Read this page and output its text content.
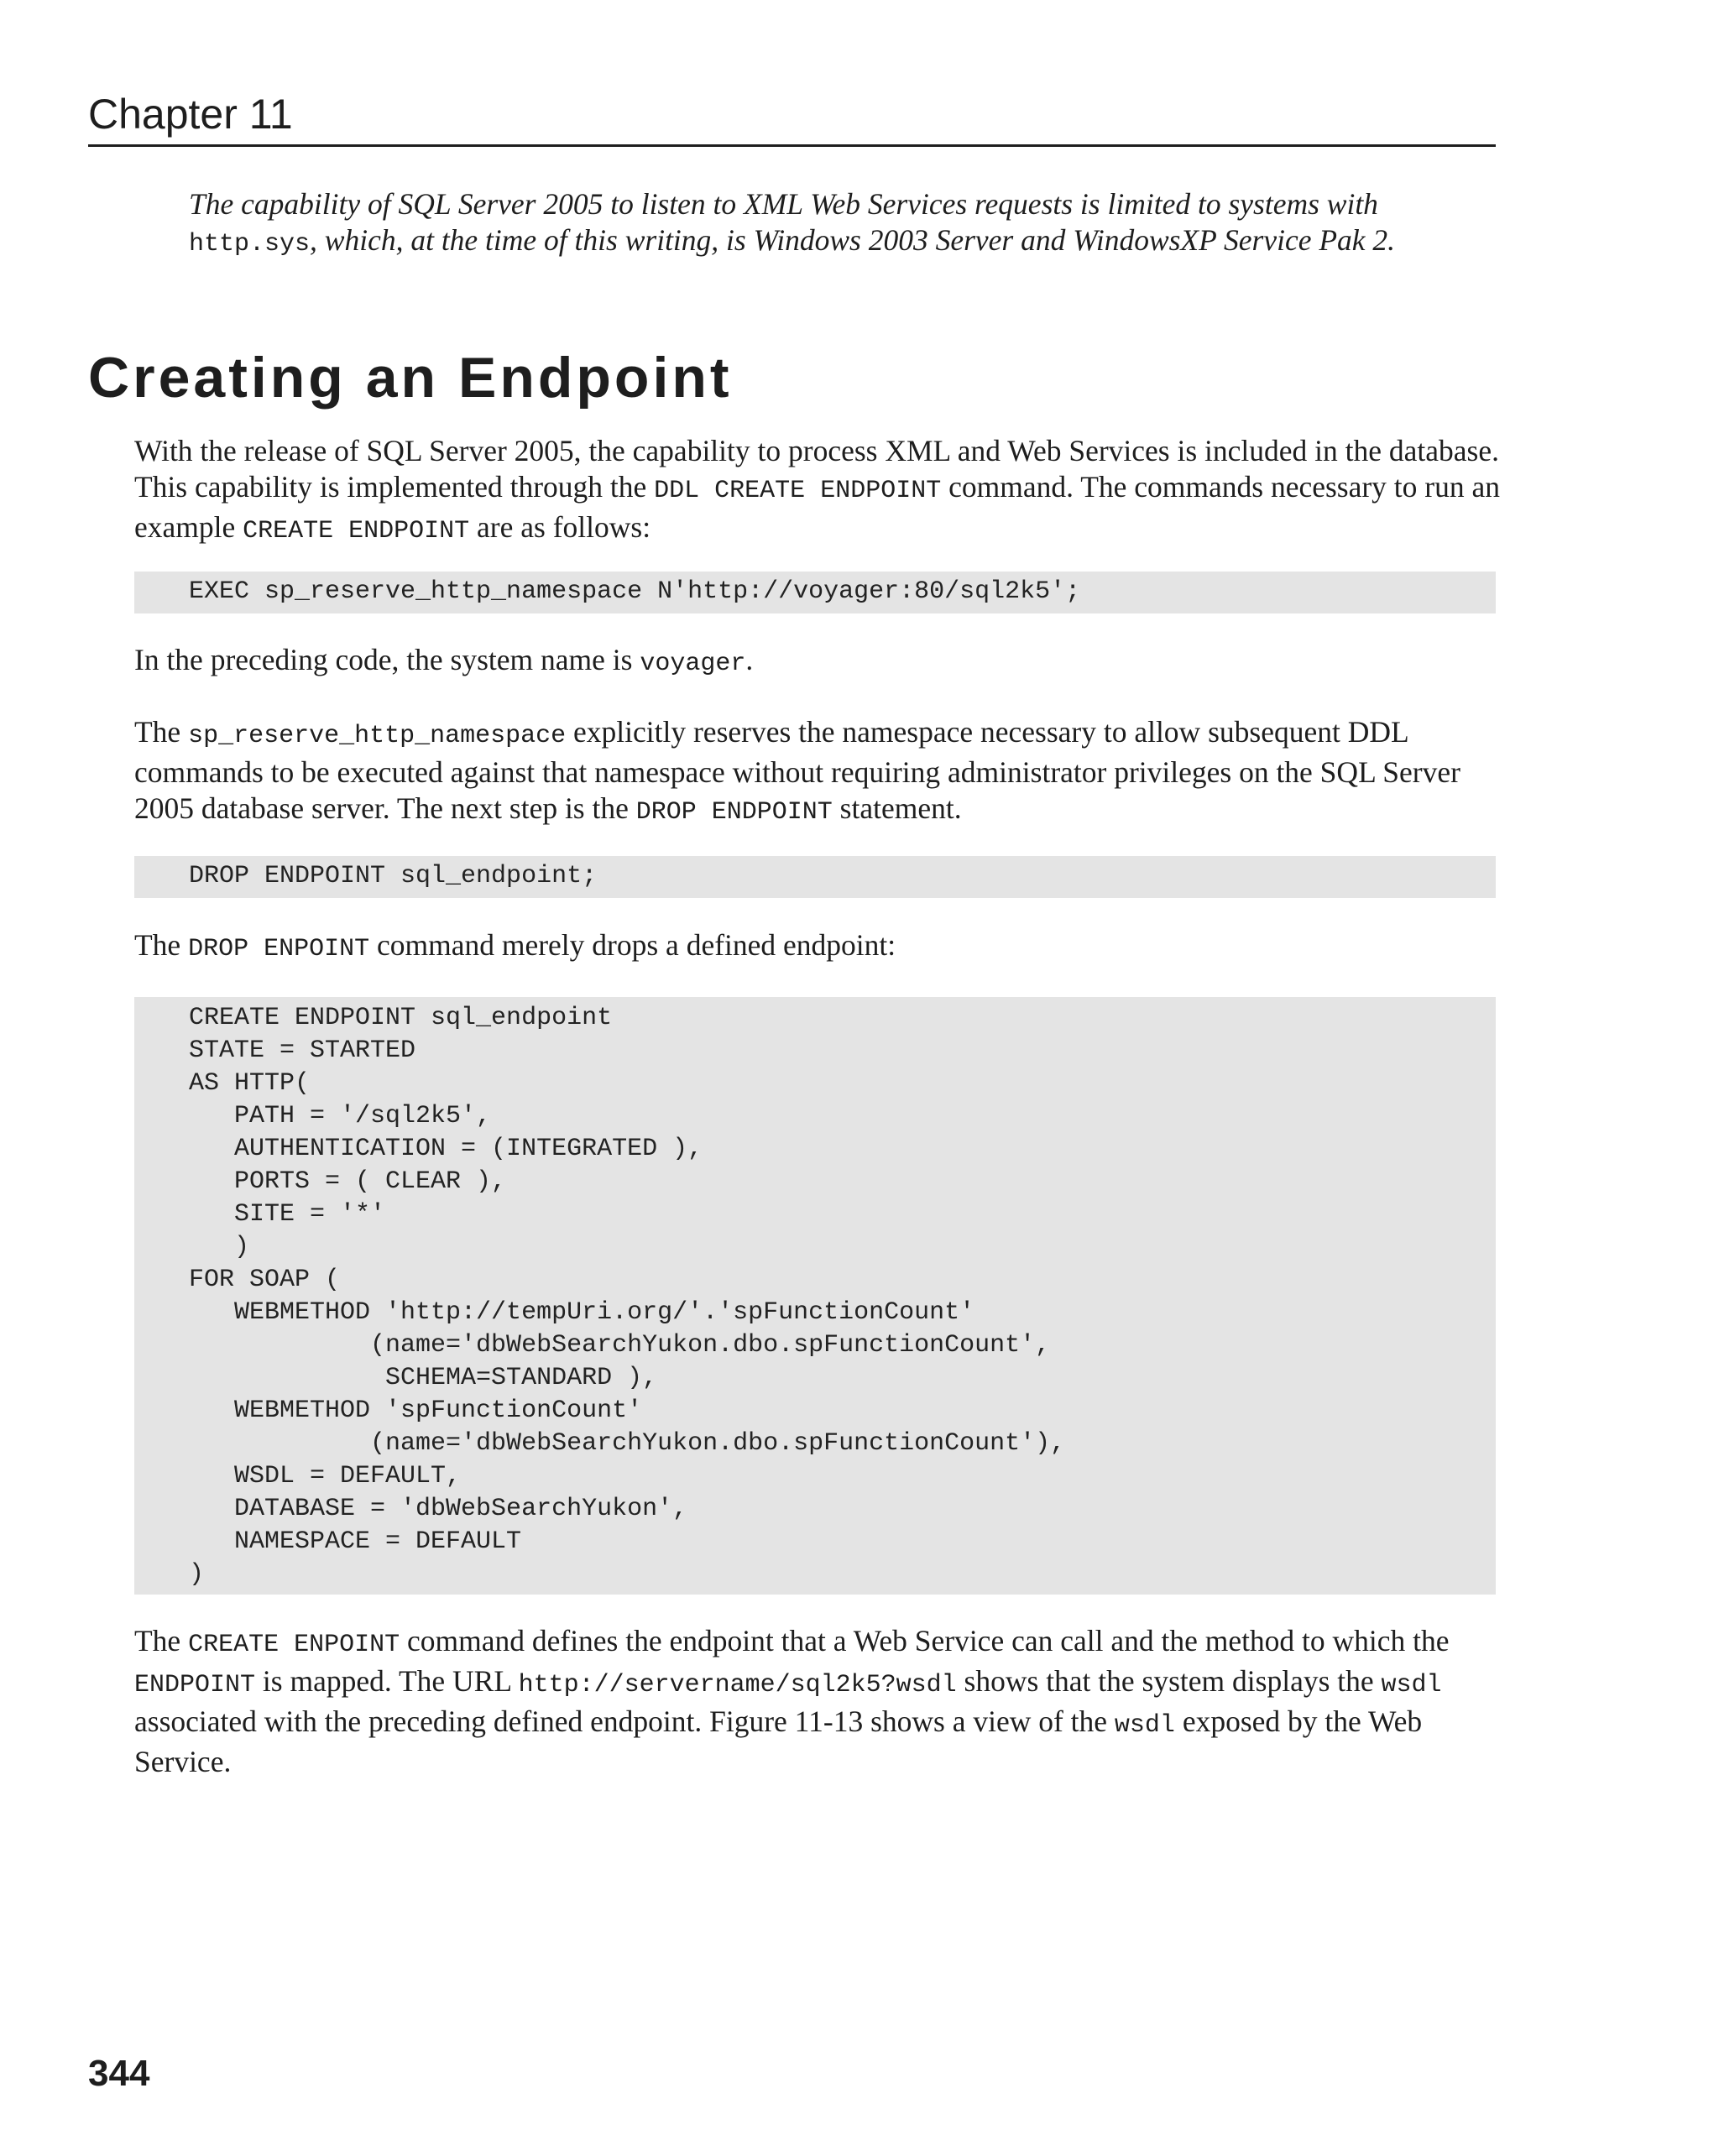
Chapter 11

The capability of SQL Server 2005 to listen to XML Web Services requests is limited to systems with http.sys, which, at the time of this writing, is Windows 2003 Server and WindowsXP Service Pak 2.

Creating an Endpoint

With the release of SQL Server 2005, the capability to process XML and Web Services is included in the database. This capability is implemented through the DDL CREATE ENDPOINT command. The commands necessary to run an example CREATE ENDPOINT are as follows:

EXEC sp_reserve_http_namespace N'http://voyager:80/sql2k5';

In the preceding code, the system name is voyager.

The sp_reserve_http_namespace explicitly reserves the namespace necessary to allow subsequent DDL commands to be executed against that namespace without requiring administrator privileges on the SQL Server 2005 database server. The next step is the DROP ENDPOINT statement.

DROP ENDPOINT sql_endpoint;

The DROP ENPOINT command merely drops a defined endpoint:

CREATE ENDPOINT sql_endpoint
STATE = STARTED
AS HTTP(
PATH = '/sql2k5',
AUTHENTICATION = (INTEGRATED ),
PORTS = ( CLEAR ),
SITE = '*'
)
FOR SOAP (
WEBMETHOD 'http://tempUri.org/'.'spFunctionCount'
(name='dbWebSearchYukon.dbo.spFunctionCount',
SCHEMA=STANDARD ),
WEBMETHOD 'spFunctionCount'
(name='dbWebSearchYukon.dbo.spFunctionCount'),
WSDL = DEFAULT,
DATABASE = 'dbWebSearchYukon',
NAMESPACE = DEFAULT
)

The CREATE ENPOINT command defines the endpoint that a Web Service can call and the method to which the ENDPOINT is mapped. The URL http://servername/sql2k5?wsdl shows that the system displays the wsdl associated with the preceding defined endpoint. Figure 11-13 shows a view of the wsdl exposed by the Web Service.

344
